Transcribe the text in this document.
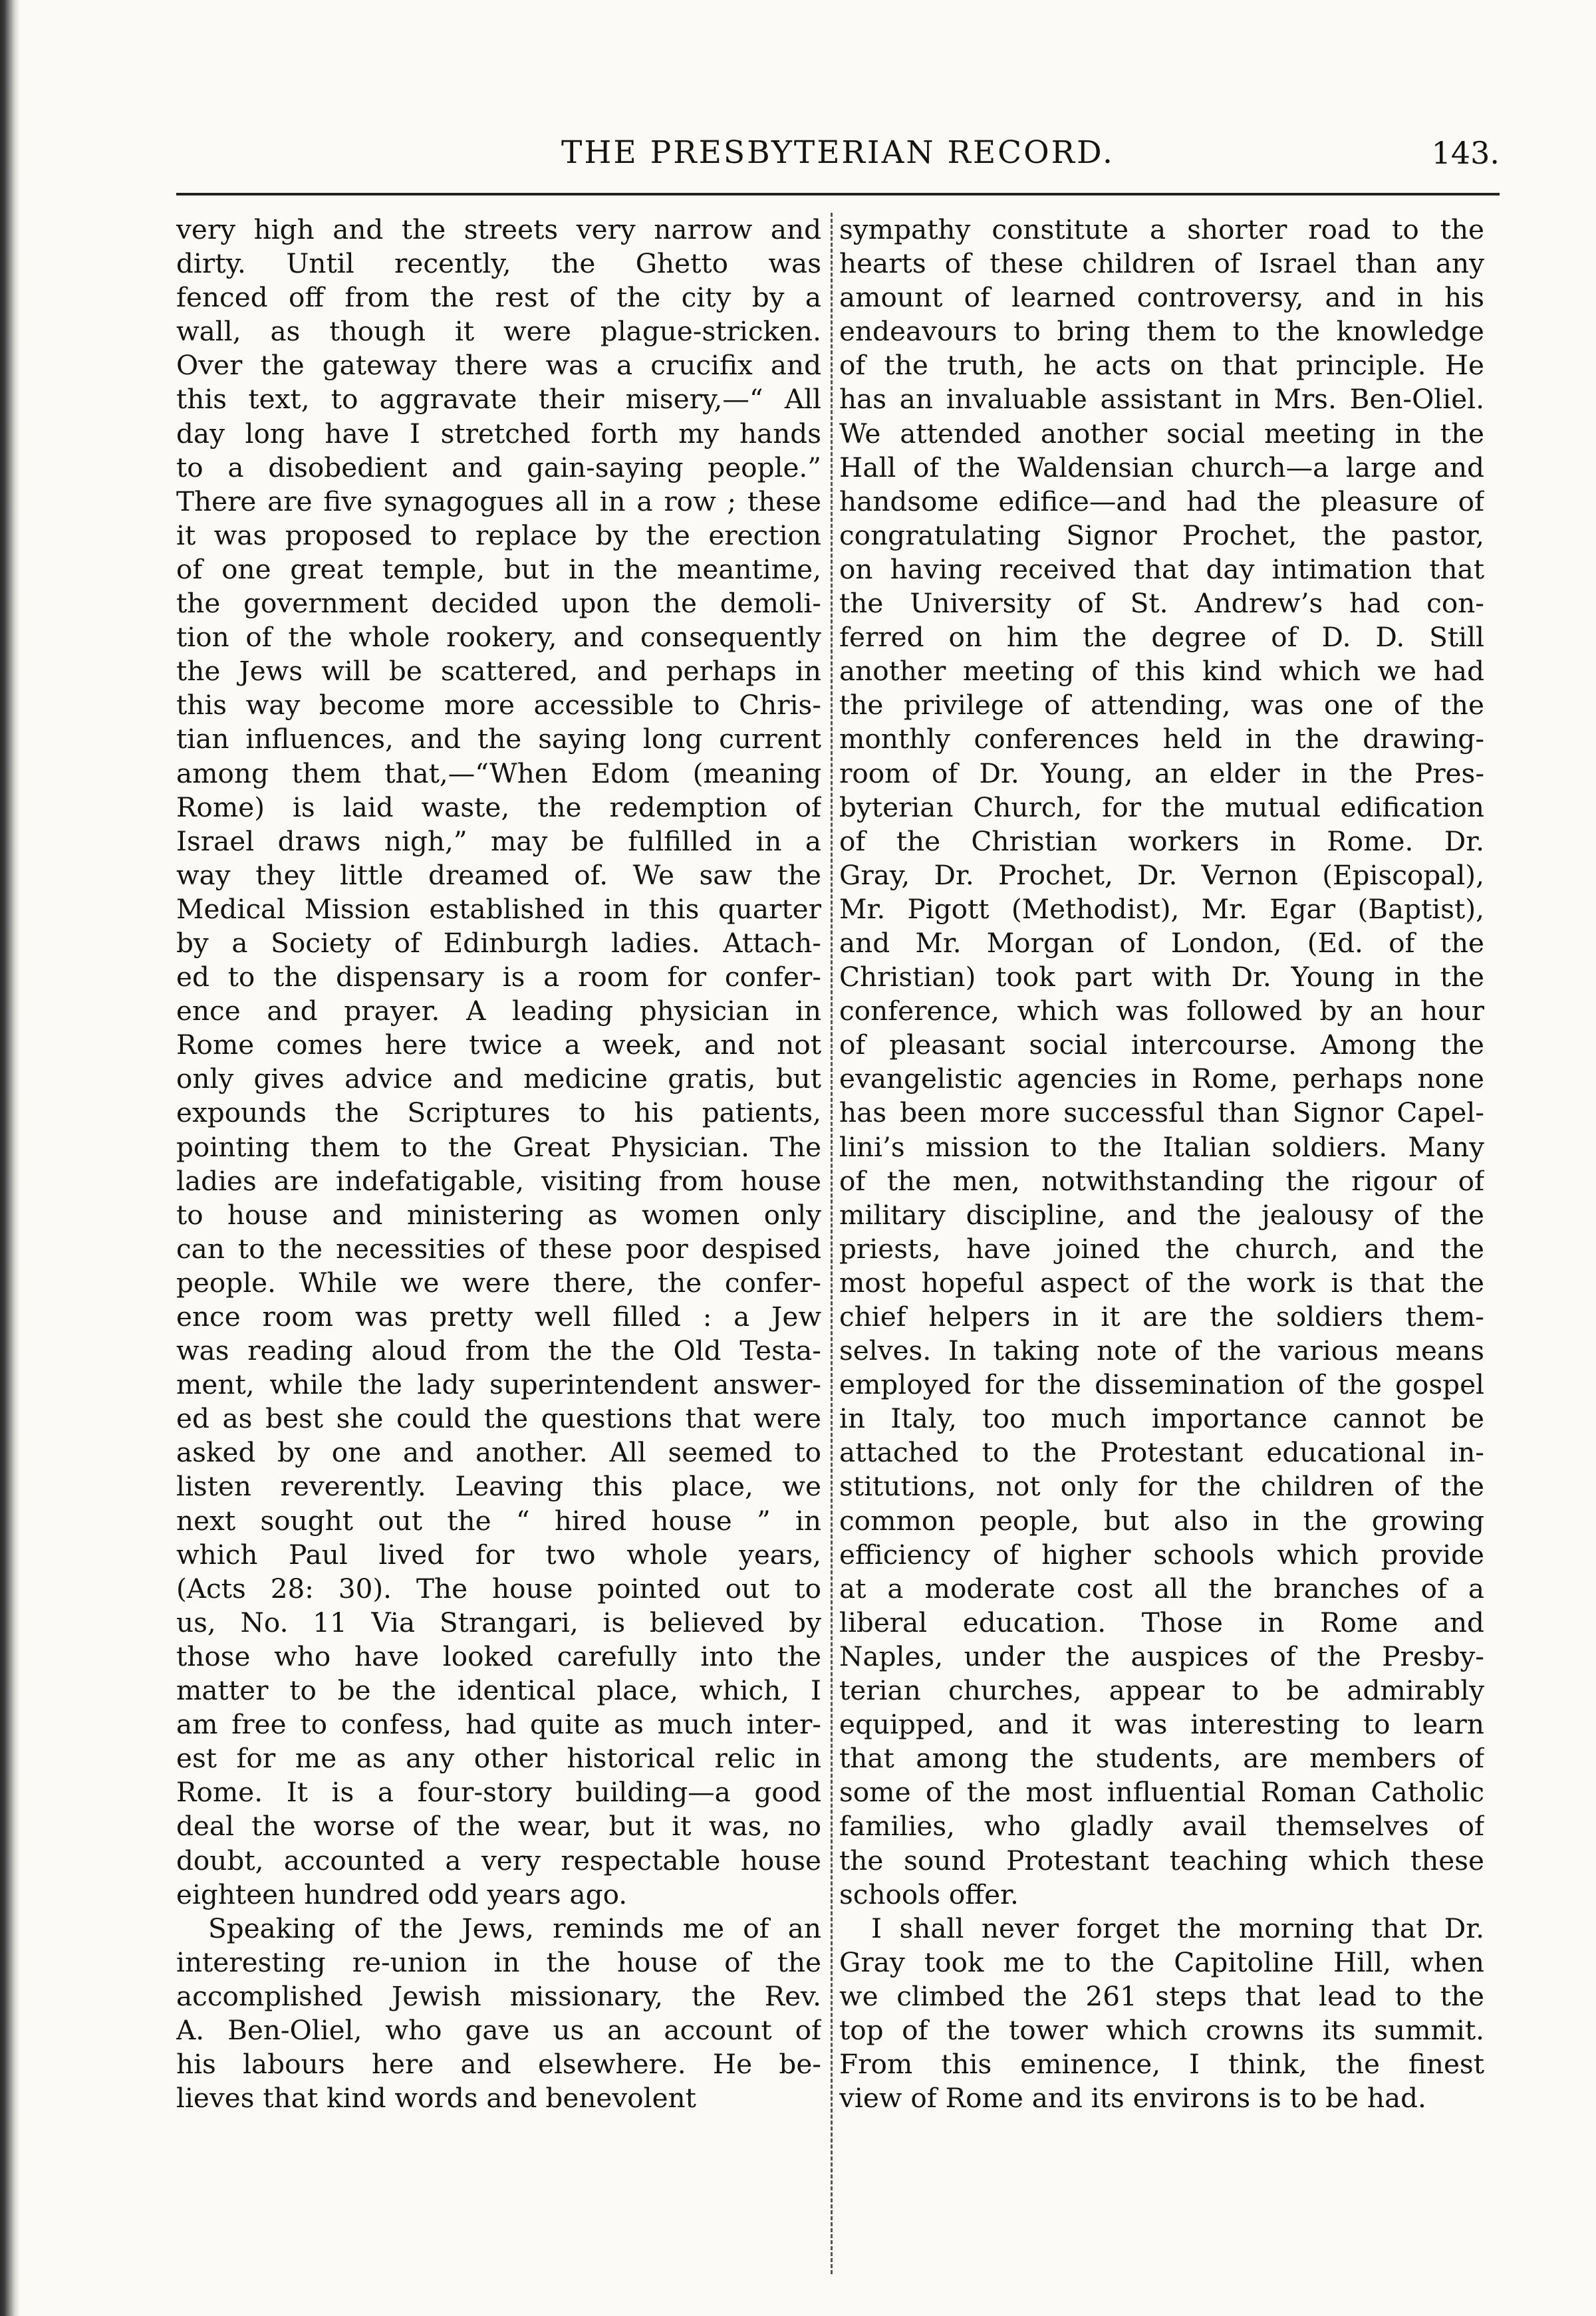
THE PRESBYTERIAN RECORD.	143.
very high and the streets very narrow and
dirty. Until recently, the Ghetto was
fenced off from the rest of the city by a
wall, as though it were plague-stricken.
Over the gateway there was a crucifix and
this text, to aggravate their misery,—“ All
day long have I stretched forth my hands
to a disobedient and gain-saying people.”
There are five synagogues all in a row ; these
it was proposed to replace by the erection
of one great temple, but in the meantime,
the government decided upon the demoli-
tion of the whole rookery, and consequently
the Jews will be scattered, and perhaps in
this way become more accessible to Chris-
tian influences, and the saying long current
among them that,—“When Edom (meaning
Rome) is laid waste, the redemption of
Israel draws nigh,” may be fulfilled in a
way they little dreamed of. We saw the
Medical Mission established in this quarter
by a Society of Edinburgh ladies. Attach-
ed to the dispensary is a room for confer-
ence and prayer. A leading physician in
Rome comes here twice a week, and not
only gives advice and medicine gratis, but
expounds the Scriptures to his patients,
pointing them to the Great Physician. The
ladies are indefatigable, visiting from house
to house and ministering as women only
can to the necessities of these poor despised
people. While we were there, the confer-
ence room was pretty well filled : a Jew
was reading aloud from the the Old Testa-
ment, while the lady superintendent answer-
ed as best she could the questions that were
asked by one and another. All seemed to
listen reverently. Leaving this place, we
next sought out the “ hired house ” in
which Paul lived for two whole years,
(Acts 28: 30). The house pointed out to
us, No. 11 Via Strangari, is believed by
those who have looked carefully into the
matter to be the identical place, which, I
am free to confess, had quite as much inter-
est for me as any other historical relic in
Rome. It is a four-story building—a good
deal the worse of the wear, but it was, no
doubt, accounted a very respectable house
eighteen hundred odd years ago.
Speaking of the Jews, reminds me of an
interesting re-union in the house of the
accomplished Jewish missionary, the Rev.
A. Ben-Oliel, who gave us an account of
his labours here and elsewhere. He be-
lieves that kind words and benevolent
sympathy constitute a shorter road to the
hearts of these children of Israel than any
amount of learned controversy, and in his
endeavours to bring them to the knowledge
of the truth, he acts on that principle. He
has an invaluable assistant in Mrs. Ben-Oliel.
We attended another social meeting in the
Hall of the Waldensian church—a large and
handsome edifice—and had the pleasure of
congratulating Signor Prochet, the pastor,
on having received that day intimation that
the University of St. Andrew’s had con-
ferred on him the degree of D. D. Still
another meeting of this kind which we had
the privilege of attending, was one of the
monthly conferences held in the drawing-
room of Dr. Young, an elder in the Pres-
byterian Church, for the mutual edification
of the Christian workers in Rome. Dr.
Gray, Dr. Prochet, Dr. Vernon (Episcopal),
Mr. Pigott (Methodist), Mr. Egar (Baptist),
and Mr. Morgan of London, (Ed. of the
Christian) took part with Dr. Young in the
conference, which was followed by an hour
of pleasant social intercourse. Among the
evangelistic agencies in Rome, perhaps none
has been more successful than Signor Capel-
lini’s mission to the Italian soldiers. Many
of the men, notwithstanding the rigour of
military discipline, and the jealousy of the
priests, have joined the church, and the
most hopeful aspect of the work is that the
chief helpers in it are the soldiers them-
selves. In taking note of the various means
employed for the dissemination of the gospel
in Italy, too much importance cannot be
attached to the Protestant educational in-
stitutions, not only for the children of the
common people, but also in the growing
efficiency of higher schools which provide
at a moderate cost all the branches of a
liberal education. Those in Rome and
Naples, under the auspices of the Presby-
terian churches, appear to be admirably
equipped, and it was interesting to learn
that among the students, are members of
some of the most influential Roman Catholic
families, who gladly avail themselves of
the sound Protestant teaching which these
schools offer.
I shall never forget the morning that Dr.
Gray took me to the Capitoline Hill, when
we climbed the 261 steps that lead to the
top of the tower which crowns its summit.
From this eminence, I think, the finest
view of Rome and its environs is to be had.
